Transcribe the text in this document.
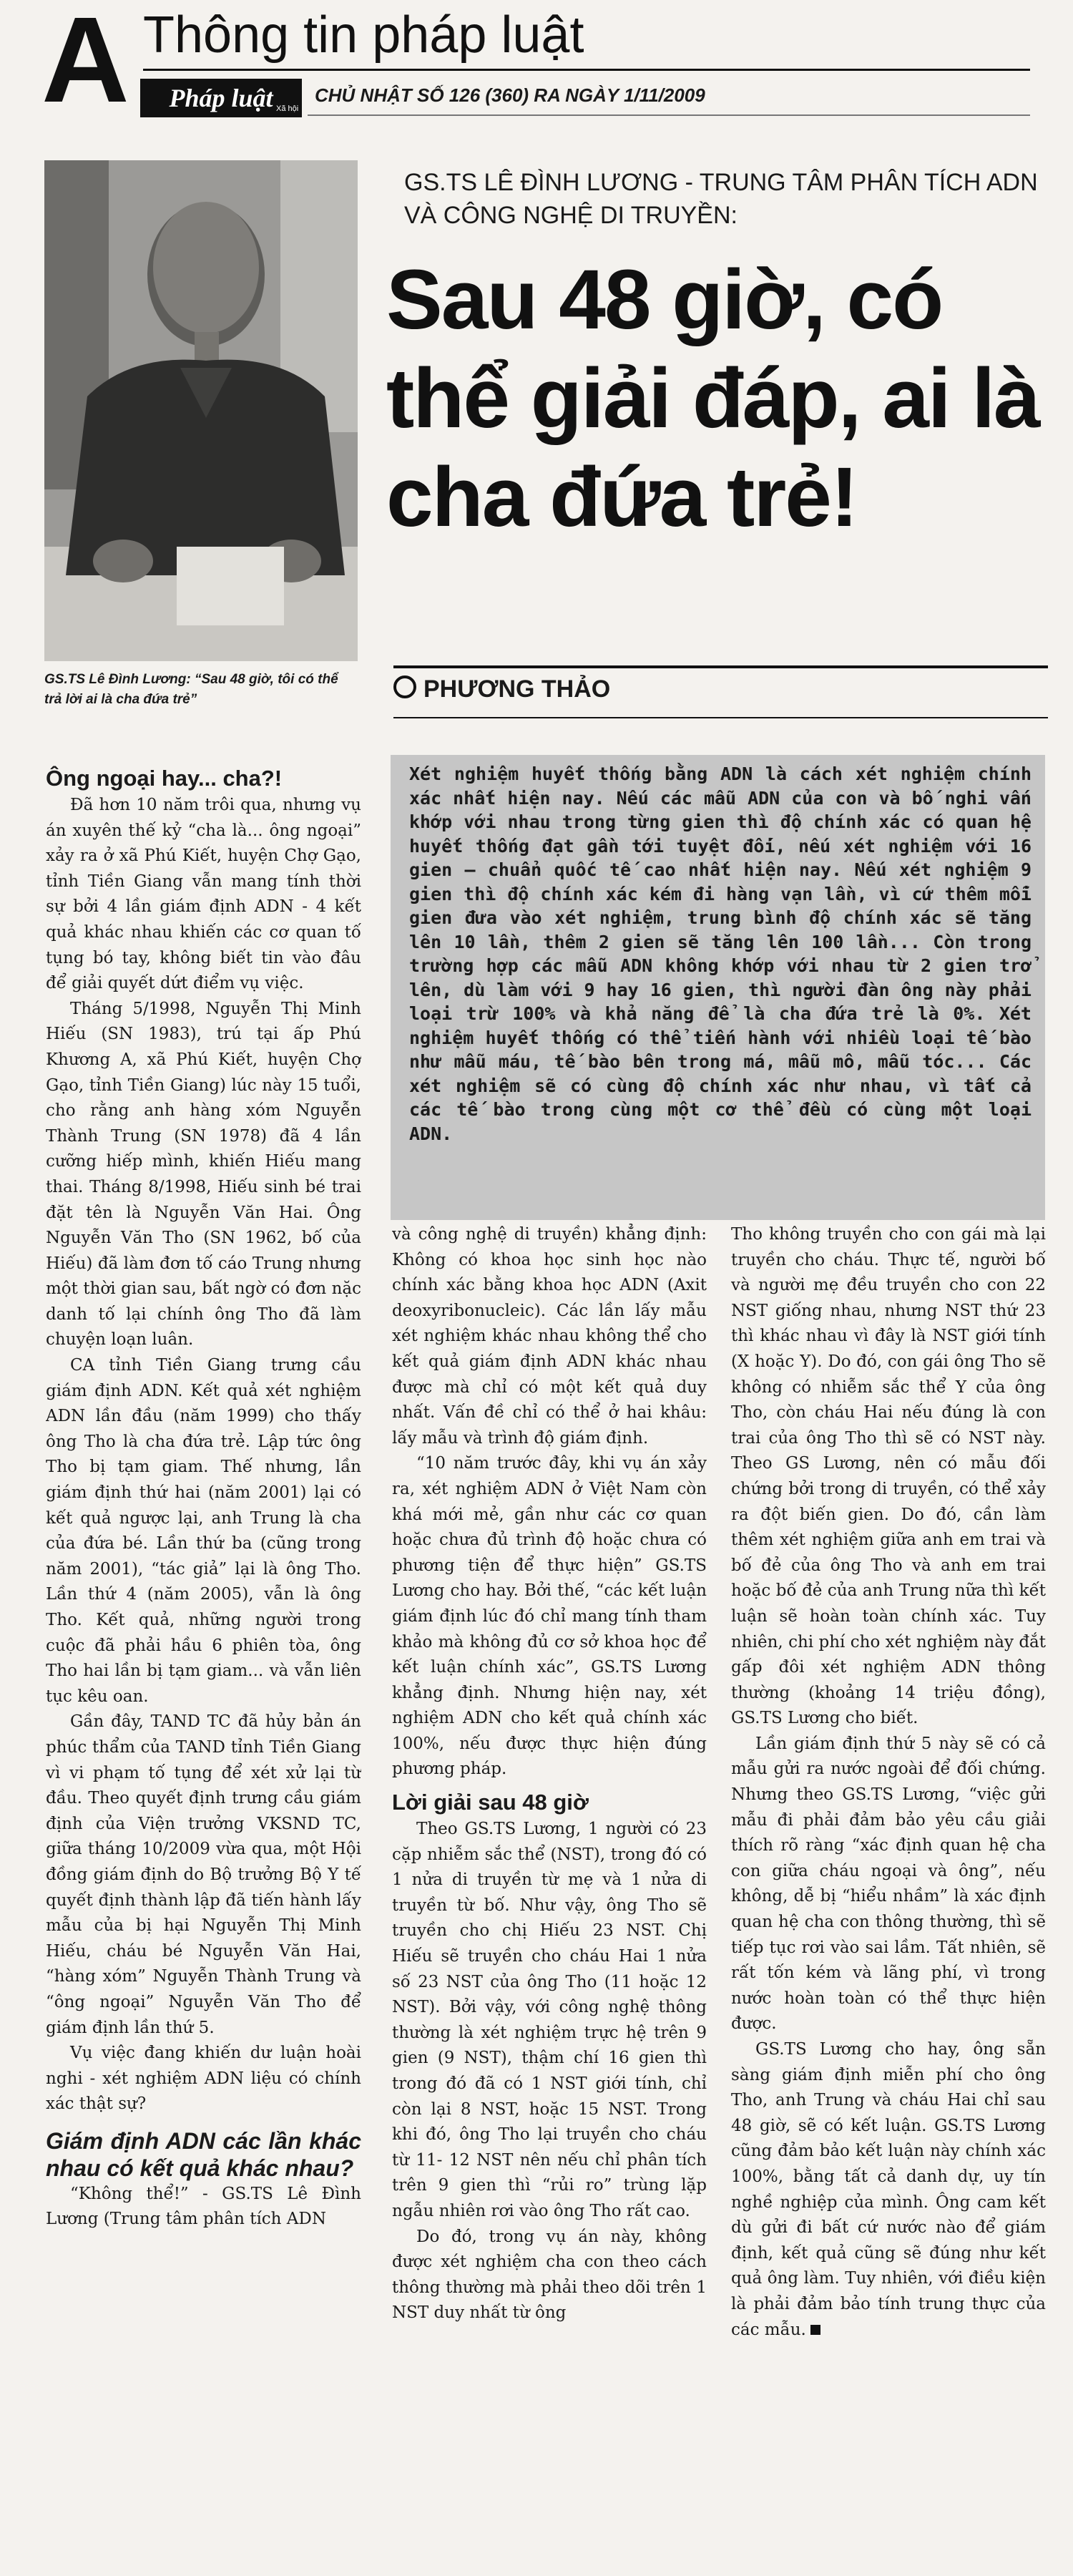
A Thông tin pháp luật
Pháp luật Xã hội
CHỦ NHẬT SỐ 126 (360) RA NGÀY 1/11/2009
GS.TS Lê Đình Lương: “Sau 48 giờ, tôi có thể trả lời ai là cha đứa trẻ”
GS.TS LÊ ĐÌNH LƯƠNG - TRUNG TÂM PHÂN TÍCH ADN VÀ CÔNG NGHỆ DI TRUYỀN:
Sau 48 giờ, có thể giải đáp, ai là cha đứa trẻ!
PHƯƠNG THẢO
Xét nghiệm huyết thống bằng ADN là cách xét nghiệm chính xác nhất hiện nay. Nếu các mẫu ADN của con và bố nghi vấn khớp với nhau trong từng gien thì độ chính xác có quan hệ huyết thống đạt gần tới tuyệt đối, nếu xét nghiệm với 16 gien – chuẩn quốc tế cao nhất hiện nay. Nếu xét nghiệm 9 gien thì độ chính xác kém đi hàng vạn lần, vì cứ thêm mỗi gien đưa vào xét nghiệm, trung bình độ chính xác sẽ tăng lên 10 lần, thêm 2 gien sẽ tăng lên 100 lần... Còn trong trường hợp các mẫu ADN không khớp với nhau từ 2 gien trở lên, dù làm với 9 hay 16 gien, thì người đàn ông này phải loại trừ 100% và khả năng để là cha đứa trẻ là 0%. Xét nghiệm huyết thống có thể tiến hành với nhiều loại tế bào như mẫu máu, tế bào bên trong má, mẫu mô, mẫu tóc... Các xét nghiệm sẽ có cùng độ chính xác như nhau, vì tất cả các tế bào trong cùng một cơ thể đều có cùng một loại ADN.
Ông ngoại hay... cha?!

Đã hơn 10 năm trôi qua, nhưng vụ án xuyên thế kỷ “cha là... ông ngoại” xảy ra ở xã Phú Kiết, huyện Chợ Gạo, tỉnh Tiền Giang vẫn mang tính thời sự bởi 4 lần giám định ADN - 4 kết quả khác nhau khiến các cơ quan tố tụng bó tay, không biết tin vào đâu để giải quyết dứt điểm vụ việc.

Tháng 5/1998, Nguyễn Thị Minh Hiếu (SN 1983), trú tại ấp Phú Khương A, xã Phú Kiết, huyện Chợ Gạo, tỉnh Tiền Giang) lúc này 15 tuổi, cho rằng anh hàng xóm Nguyễn Thành Trung (SN 1978) đã 4 lần cưỡng hiếp mình, khiến Hiếu mang thai. Tháng 8/1998, Hiếu sinh bé trai đặt tên là Nguyễn Văn Hai. Ông Nguyễn Văn Tho (SN 1962, bố của Hiếu) đã làm đơn tố cáo Trung nhưng một thời gian sau, bất ngờ có đơn nặc danh tố lại chính ông Tho đã làm chuyện loạn luân.

CA tỉnh Tiền Giang trưng cầu giám định ADN. Kết quả xét nghiệm ADN lần đầu (năm 1999) cho thấy ông Tho là cha đứa trẻ. Lập tức ông Tho bị tạm giam. Thế nhưng, lần giám định thứ hai (năm 2001) lại có kết quả ngược lại, anh Trung là cha của đứa bé. Lần thứ ba (cũng trong năm 2001), “tác giả” lại là ông Tho. Lần thứ 4 (năm 2005), vẫn là ông Tho. Kết quả, những người trong cuộc đã phải hầu 6 phiên tòa, ông Tho hai lần bị tạm giam... và vẫn liên tục kêu oan.

Gần đây, TAND TC đã hủy bản án phúc thẩm của TAND tỉnh Tiền Giang vì vi phạm tố tụng để xét xử lại từ đầu. Theo quyết định trưng cầu giám định của Viện trưởng VKSND TC, giữa tháng 10/2009 vừa qua, một Hội đồng giám định do Bộ trưởng Bộ Y tế quyết định thành lập đã tiến hành lấy mẫu của bị hại Nguyễn Thị Minh Hiếu, cháu bé Nguyễn Văn Hai, “hàng xóm” Nguyễn Thành Trung và “ông ngoại” Nguyễn Văn Tho để giám định lần thứ 5.

Vụ việc đang khiến dư luận hoài nghi - xét nghiệm ADN liệu có chính xác thật sự?

Giám định ADN các lần khác nhau có kết quả khác nhau?

“Không thể!” - GS.TS Lê Đình Lương (Trung tâm phân tích ADN

và công nghệ di truyền) khẳng định: Không có khoa học sinh học nào chính xác bằng khoa học ADN (Axit deoxyribonucleic). Các lần lấy mẫu xét nghiệm khác nhau không thể cho kết quả giám định ADN khác nhau được mà chỉ có một kết quả duy nhất. Vấn đề chỉ có thể ở hai khâu: lấy mẫu và trình độ giám định.

“10 năm trước đây, khi vụ án xảy ra, xét nghiệm ADN ở Việt Nam còn khá mới mẻ, gần như các cơ quan hoặc chưa đủ trình độ hoặc chưa có phương tiện để thực hiện” GS.TS Lương cho hay. Bởi thế, “các kết luận giám định lúc đó chỉ mang tính tham khảo mà không đủ cơ sở khoa học để kết luận chính xác”, GS.TS Lương khẳng định. Nhưng hiện nay, xét nghiệm ADN cho kết quả chính xác 100%, nếu được thực hiện đúng phương pháp.

Lời giải sau 48 giờ

Theo GS.TS Lương, 1 người có 23 cặp nhiễm sắc thể (NST), trong đó có 1 nửa di truyền từ mẹ và 1 nửa di truyền từ bố. Như vậy, ông Tho sẽ truyền cho chị Hiếu 23 NST. Chị Hiếu sẽ truyền cho cháu Hai 1 nửa số 23 NST của ông Tho (11 hoặc 12 NST). Bởi vậy, với công nghệ thông thường là xét nghiệm trực hệ trên 9 gien (9 NST), thậm chí 16 gien thì trong đó đã có 1 NST giới tính, chỉ còn lại 8 NST, hoặc 15 NST. Trong khi đó, ông Tho lại truyền cho cháu từ 11- 12 NST nên nếu chỉ phân tích trên 9 gien thì “rủi ro” trùng lặp ngẫu nhiên rơi vào ông Tho rất cao.

Do đó, trong vụ án này, không được xét nghiệm cha con theo cách thông thường mà phải theo dõi trên 1 NST duy nhất từ ông

Tho không truyền cho con gái mà lại truyền cho cháu. Thực tế, người bố và người mẹ đều truyền cho con 22 NST giống nhau, nhưng NST thứ 23 thì khác nhau vì đây là NST giới tính (X hoặc Y). Do đó, con gái ông Tho sẽ không có nhiễm sắc thể Y của ông Tho, còn cháu Hai nếu đúng là con trai của ông Tho thì sẽ có NST này. Theo GS Lương, nên có mẫu đối chứng bởi trong di truyền, có thể xảy ra đột biến gien. Do đó, cần làm thêm xét nghiệm giữa anh em trai và bố đẻ của ông Tho và anh em trai hoặc bố đẻ của anh Trung nữa thì kết luận sẽ hoàn toàn chính xác. Tuy nhiên, chi phí cho xét nghiệm này đắt gấp đôi xét nghiệm ADN thông thường (khoảng 14 triệu đồng), GS.TS Lương cho biết.

Lần giám định thứ 5 này sẽ có cả mẫu gửi ra nước ngoài để đối chứng. Nhưng theo GS.TS Lương, “việc gửi mẫu đi phải đảm bảo yêu cầu giải thích rõ ràng “xác định quan hệ cha con giữa cháu ngoại và ông”, nếu không, dễ bị “hiểu nhầm” là xác định quan hệ cha con thông thường, thì sẽ tiếp tục rơi vào sai lầm. Tất nhiên, sẽ rất tốn kém và lãng phí, vì trong nước hoàn toàn có thể thực hiện được.

GS.TS Lương cho hay, ông sẵn sàng giám định miễn phí cho ông Tho, anh Trung và cháu Hai chỉ sau 48 giờ, sẽ có kết luận. GS.TS Lương cũng đảm bảo kết luận này chính xác 100%, bằng tất cả danh dự, uy tín nghề nghiệp của mình. Ông cam kết dù gửi đi bất cứ nước nào để giám định, kết quả cũng sẽ đúng như kết quả ông làm. Tuy nhiên, với điều kiện là phải đảm bảo tính trung thực của các mẫu.
